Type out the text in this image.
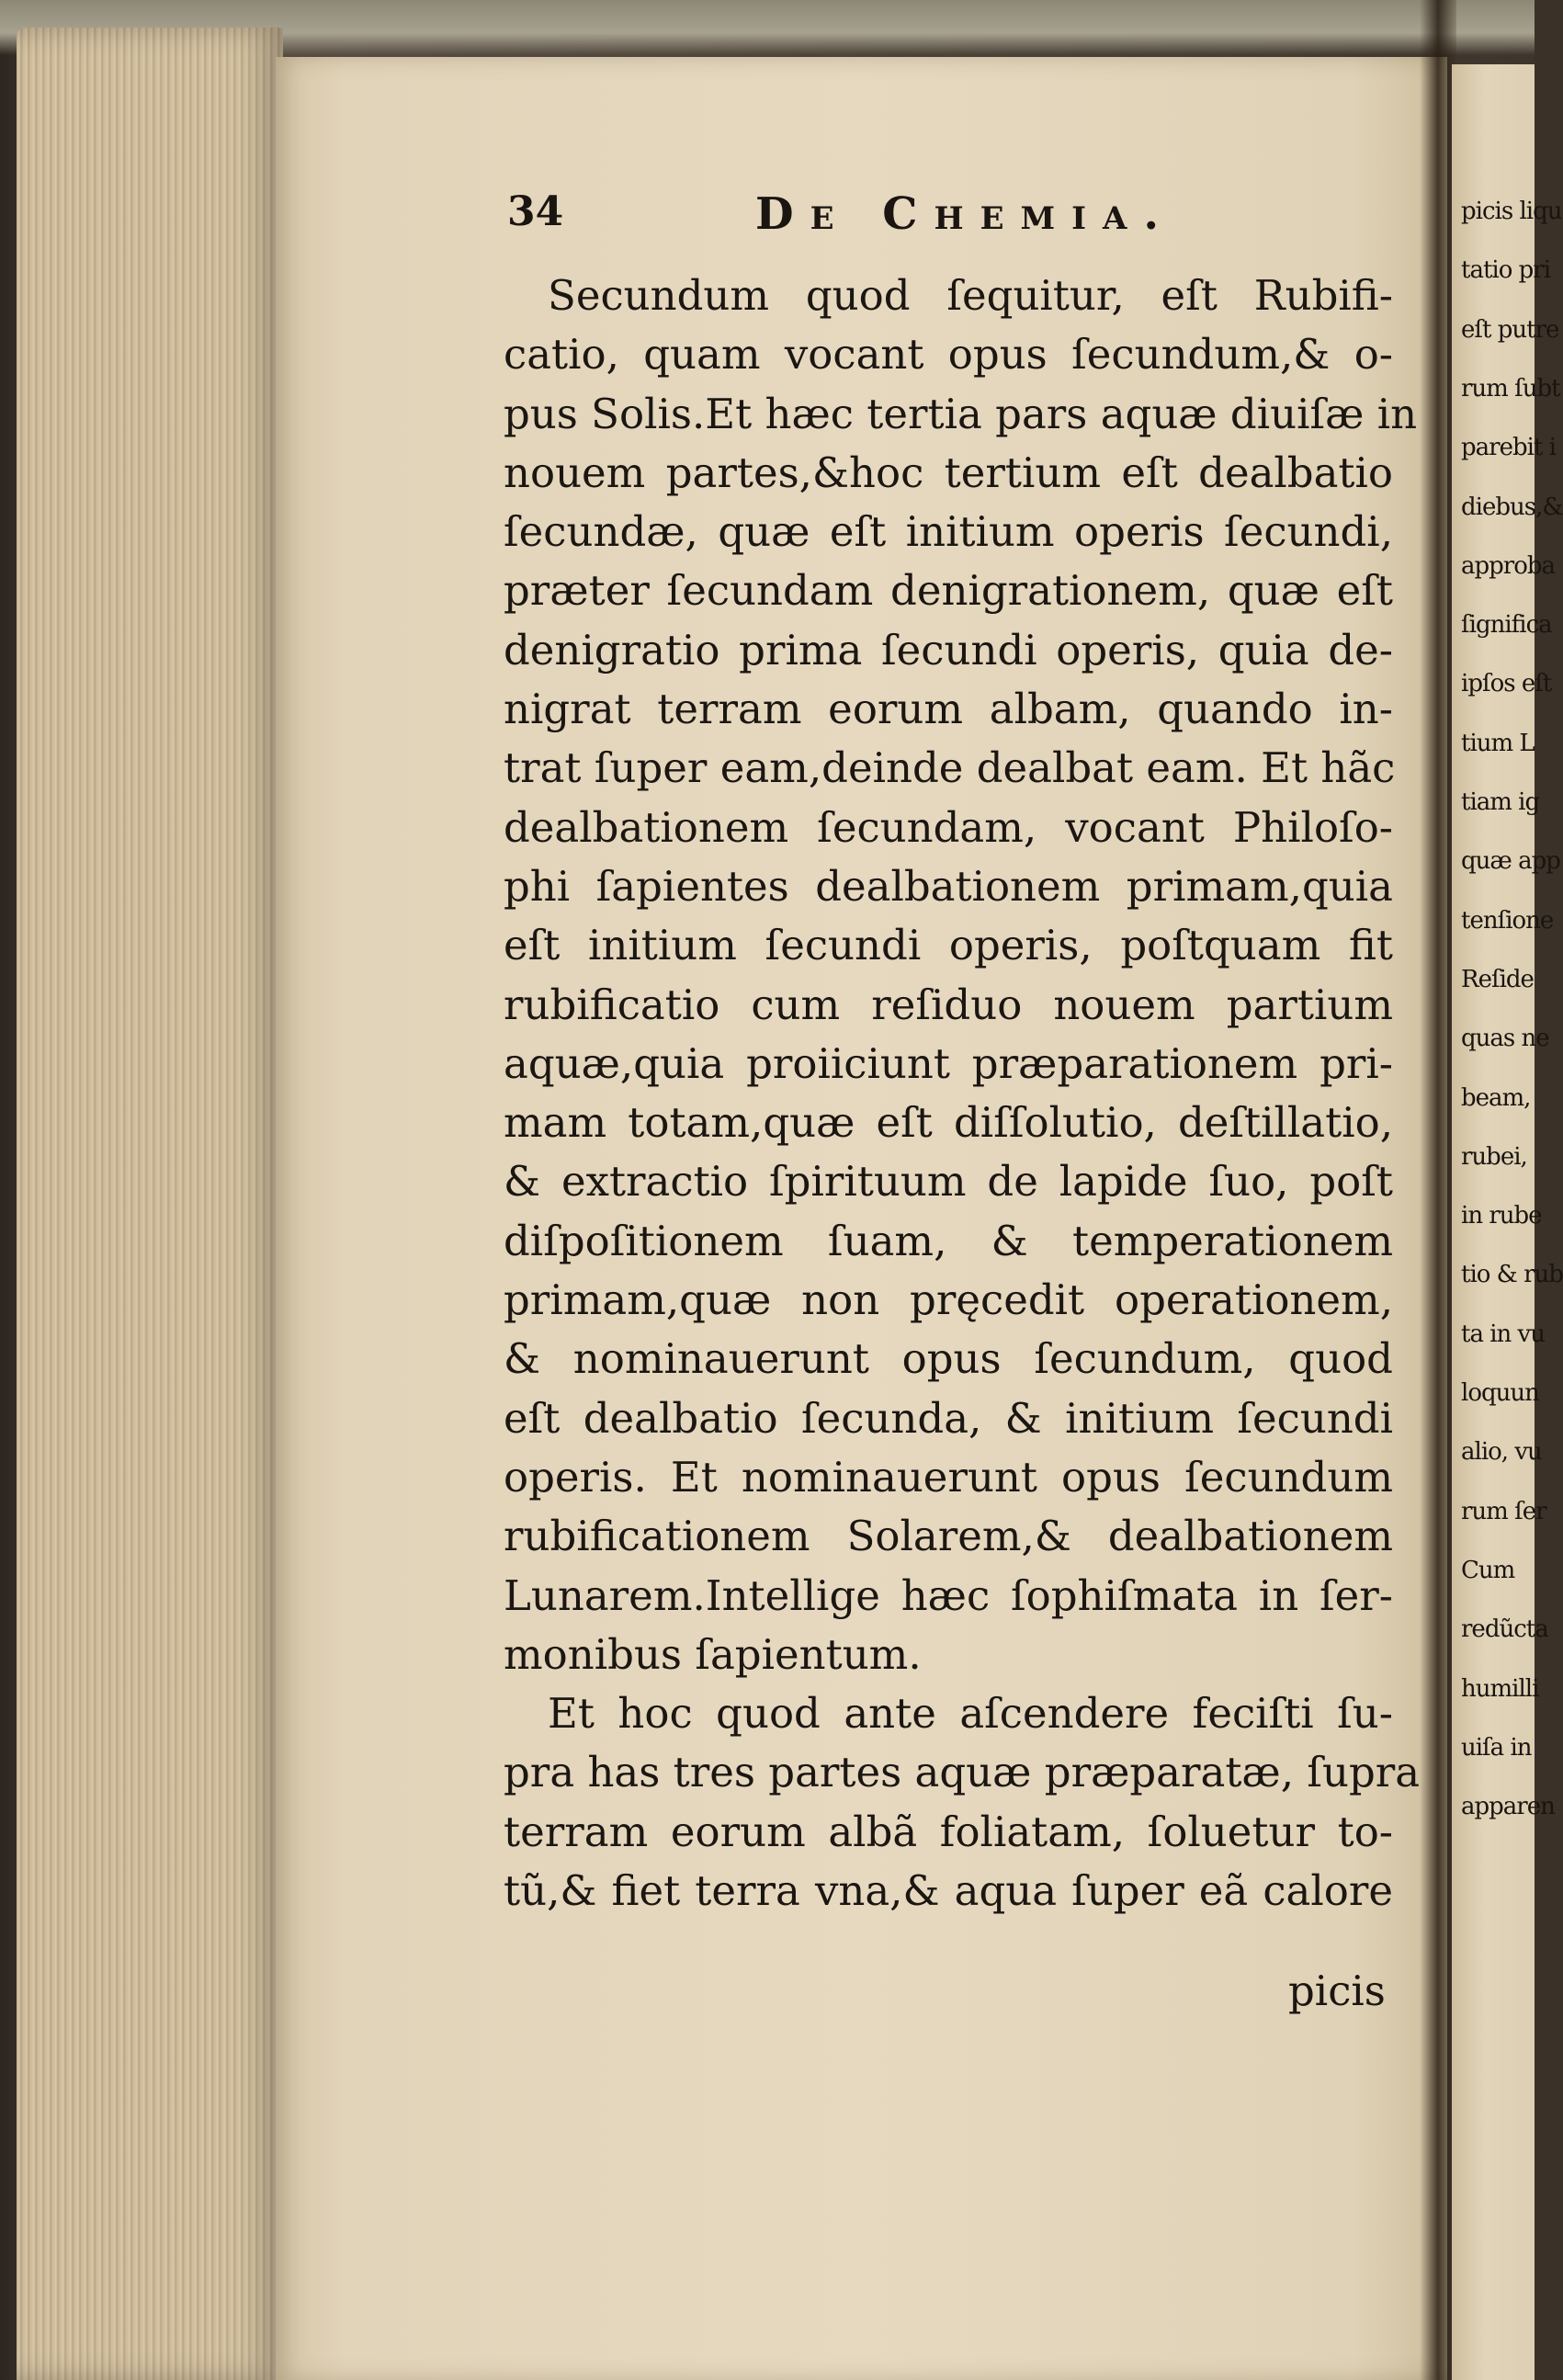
picis liqu
tatio pri
eſt putre
rum ſubt
parebit i
diebus,&
approba
ſignifica
ipſos eſt
tium L
tiam ig
quæ app
tenſione
Reſide
quas ne
beam,
rubei,
in rube
tio & rub
ta in vu
loquun
alio, vu
rum ſer
Cum
redũcta
humilli
uiſa in
apparen
34	De Chemia.
Secundum quod ſequitur, eſt Rubifi-
catio, quam vocant opus ſecundum,& o-
pus Solis.Et hæc tertia pars aquæ diuiſæ in
nouem partes,&hoc tertium eſt dealbatio
ſecundæ, quæ eſt initium operis ſecundi,
præter ſecundam denigrationem, quæ eſt
denigratio prima ſecundi operis, quia de-
nigrat terram eorum albam, quando in-
trat ſuper eam,deinde dealbat eam. Et hãc
dealbationem ſecundam, vocant Philoſo-
phi ſapientes dealbationem primam,quia
eſt initium ſecundi operis, poſtquam fit
rubificatio cum reſiduo nouem partium
aquæ,quia proiiciunt præparationem pri-
mam totam,quæ eſt diſſolutio, deſtillatio,
& extractio ſpirituum de lapide ſuo, poſt
diſpoſitionem ſuam, & temperationem
primam,quæ non pręcedit operationem,
& nominauerunt opus ſecundum, quod
eſt dealbatio ſecunda, & initium ſecundi
operis. Et nominauerunt opus ſecundum
rubificationem Solarem,& dealbationem
Lunarem.Intellige hæc ſophiſmata in ſer-
monibus ſapientum.
Et hoc quod ante aſcendere feciſti ſu-
pra has tres partes aquæ præparatæ, ſupra
terram eorum albã foliatam, ſoluetur to-
tũ,& fiet terra vna,& aqua ſuper eã calore
picis
